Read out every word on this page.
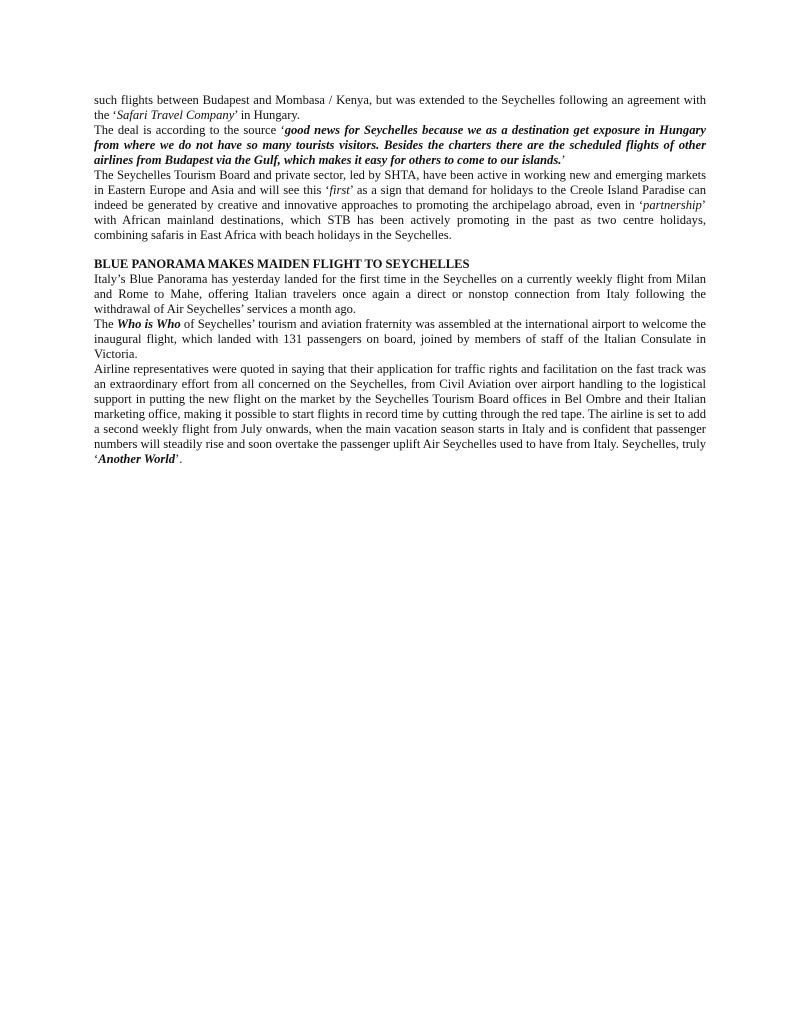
such flights between Budapest and Mombasa / Kenya, but was extended to the Seychelles following an agreement with the ‘Safari Travel Company’ in Hungary.

The deal is according to the source ‘good news for Seychelles because we as a destination get exposure in Hungary from where we do not have so many tourists visitors. Besides the charters there are the scheduled flights of other airlines from Budapest via the Gulf, which makes it easy for others to come to our islands.’

The Seychelles Tourism Board and private sector, led by SHTA, have been active in working new and emerging markets in Eastern Europe and Asia and will see this ‘first’ as a sign that demand for holidays to the Creole Island Paradise can indeed be generated by creative and innovative approaches to promoting the archipelago abroad, even in ‘partnership’ with African mainland destinations, which STB has been actively promoting in the past as two centre holidays, combining safaris in East Africa with beach holidays in the Seychelles.

BLUE PANORAMA MAKES MAIDEN FLIGHT TO SEYCHELLES

Italy’s Blue Panorama has yesterday landed for the first time in the Seychelles on a currently weekly flight from Milan and Rome to Mahe, offering Italian travelers once again a direct or nonstop connection from Italy following the withdrawal of Air Seychelles’ services a month ago.

The Who is Who of Seychelles’ tourism and aviation fraternity was assembled at the international airport to welcome the inaugural flight, which landed with 131 passengers on board, joined by members of staff of the Italian Consulate in Victoria.

Airline representatives were quoted in saying that their application for traffic rights and facilitation on the fast track was an extraordinary effort from all concerned on the Seychelles, from Civil Aviation over airport handling to the logistical support in putting the new flight on the market by the Seychelles Tourism Board offices in Bel Ombre and their Italian marketing office, making it possible to start flights in record time by cutting through the red tape. The airline is set to add a second weekly flight from July onwards, when the main vacation season starts in Italy and is confident that passenger numbers will steadily rise and soon overtake the passenger uplift Air Seychelles used to have from Italy. Seychelles, truly ‘Another World’.
